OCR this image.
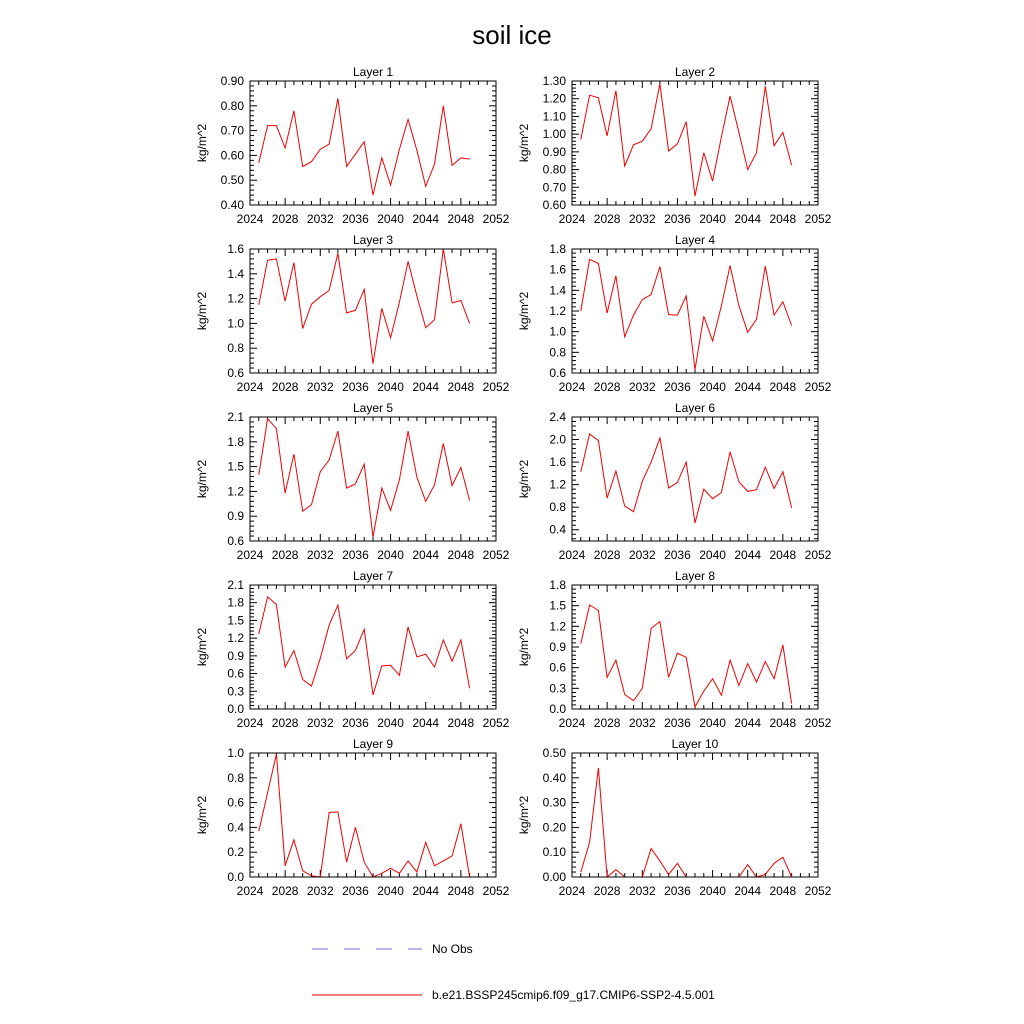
soil ice
Layer 1
kg/m^2
2024 2028 2032 2036 2040 2044 2048 2052
0.40
0.50
0.60
0.70
0.80
0.90
Layer 2
kg/m^2
2024 2028 2032 2036 2040 2044 2048 2052
0.60
0.70
0.80
0.90
1.00
1.10
1.20
1.30
Layer 3
kg/m^2
2024 2028 2032 2036 2040 2044 2048 2052
0.6
0.8
1.0
1.2
1.4
1.6
Layer 4
kg/m^2
2024 2028 2032 2036 2040 2044 2048 2052
0.6
0.8
1.0
1.2
1.4
1.6
1.8
Layer 5
kg/m^2
2024 2028 2032 2036 2040 2044 2048 2052
0.6
0.9
1.2
1.5
1.8
2.1
Layer 6
kg/m^2
2024 2028 2032 2036 2040 2044 2048 2052
0.4
0.8
1.2
1.6
2.0
2.4
Layer 7
kg/m^2
2024 2028 2032 2036 2040 2044 2048 2052
0.0
0.3
0.6
0.9
1.2
1.5
1.8
2.1
Layer 8
kg/m^2
2024 2028 2032 2036 2040 2044 2048 2052
0.0
0.3
0.6
0.9
1.2
1.5
1.8
Layer 9
kg/m^2
2024 2028 2032 2036 2040 2044 2048 2052
0.0
0.2
0.4
0.6
0.8
1.0
Layer 10
kg/m^2
2024 2028 2032 2036 2040 2044 2048 2052
0.00
0.10
0.20
0.30
0.40
0.50
No Obs
b.e21.BSSP245cmip6.f09_g17.CMIP6-SSP2-4.5.001
